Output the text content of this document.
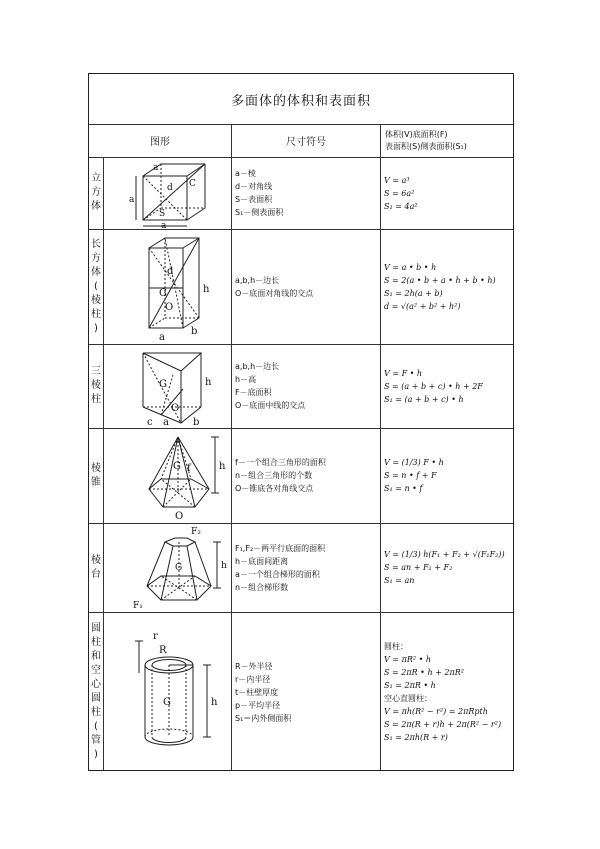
多面体的体积和表面积
图形	尺寸符号
体积(V)底面积(F)
表面积(S)侧表面积(S₁)
立
方
体
a
a
a
d
S
C
a－棱
d－对角线
S－表面积
S₁－侧表面积
V = a³
S = 6a²
S₁ = 4a²
长
方
体
(
棱
柱
)
h
d
O
G
a
b
a,b,h－边长
O－底面对角线的交点
V = a • b • h
S = 2(a • b + a • h + b • h)
S₁ = 2h(a + b)
d = √(a² + b² + h²)
三
棱
柱
h
G
c a
O
b
a,b,h－边长
h－高
F－底面积
O－底面中线的交点
V = F • h
S = (a + b + c) • h + 2F
S₁ = (a + b + c) • h
棱
锥
h
G f
O
f－一个组合三角形的面积
n－组合三角形的个数
O－锥底各对角线交点
V = (1/3) F • h
S = n • f + F
S₁ = n • f
棱
台
F₂
h
G
F₁
F₁,F₂－两平行底面的面积
h－底面间距离
a－一个组合梯形的面积
n－组合梯形数
V = (1/3) h(F₁ + F₂ + √(F₁F₂))
S = an + F₁ + F₂
S₁ = an
圆
柱
和
空
心
圆
柱
(
管
)
R
r
G	h
R－外半径
r－内半径
t－柱壁厚度
p－平均半径
S₁＝内外侧面积
圆柱：
V = πR² • h
S = 2πR • h + 2πR²
S₁ = 2πR • h
空心直圆柱：
V = πh(R² − r²) = 2πRpth
S = 2π(R + r)h + 2π(R² − r²)
S₁ = 2πh(R + r)
